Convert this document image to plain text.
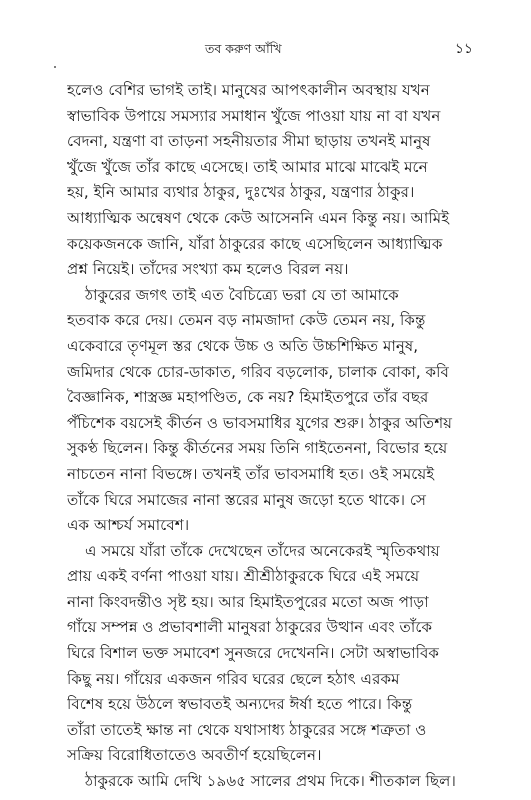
তব করুণ আঁখি	১১
হলেও বেশির ভাগই তাই। মানুষের আপৎকালীন অবস্থায় যখন
স্বাভাবিক উপায়ে সমস্যার সমাধান খুঁজে পাওয়া যায় না বা যখন
বেদনা, যন্ত্রণা বা তাড়না সহনীয়তার সীমা ছাড়ায় তখনই মানুষ
খুঁজে খুঁজে তাঁর কাছে এসেছে। তাই আমার মাঝে মাঝেই মনে
হয়, ইনি আমার ব্যথার ঠাকুর, দুঃখের ঠাকুর, যন্ত্রণার ঠাকুর।
আধ্যাত্মিক অন্বেষণ থেকে কেউ আসেননি এমন কিন্তু নয়। আমিই
কয়েকজনকে জানি, যাঁরা ঠাকুরের কাছে এসেছিলেন আধ্যাত্মিক
প্রশ্ন নিয়েই। তাঁদের সংখ্যা কম হলেও বিরল নয়।
ঠাকুরের জগৎ তাই এত বৈচিত্র্যে ভরা যে তা আমাকে
হতবাক করে দেয়। তেমন বড় নামজাদা কেউ তেমন নয়, কিন্তু
একেবারে তৃণমূল স্তর থেকে উচ্চ ও অতি উচ্চশিক্ষিত মানুষ,
জমিদার থেকে চোর-ডাকাত, গরিব বড়লোক, চালাক বোকা, কবি
বৈজ্ঞানিক, শাস্ত্রজ্ঞ মহাপণ্ডিত, কে নয়? হিমাইতপুরে তাঁর বছর
পঁচিশেক বয়সেই কীর্তন ও ভাবসমাধির যুগের শুরু। ঠাকুর অতিশয়
সুকণ্ঠ ছিলেন। কিন্তু কীর্তনের সময় তিনি গাইতেননা, বিভোর হয়ে
নাচতেন নানা বিভঙ্গে। তখনই তাঁর ভাবসমাধি হত। ওই সময়েই
তাঁকে ঘিরে সমাজের নানা স্তরের মানুষ জড়ো হতে থাকে। সে
এক আশ্চর্য সমাবেশ।
এ সময়ে যাঁরা তাঁকে দেখেছেন তাঁদের অনেকেরই স্মৃতিকথায়
প্রায় একই বর্ণনা পাওয়া যায়। শ্রীশ্রীঠাকুরকে ঘিরে এই সময়ে
নানা কিংবদন্তীও সৃষ্ট হয়। আর হিমাইতপুরের মতো অজ পাড়া
গাঁয়ে সম্পন্ন ও প্রভাবশালী মানুষরা ঠাকুরের উত্থান এবং তাঁকে
ঘিরে বিশাল ভক্ত সমাবেশ সুনজরে দেখেননি। সেটা অস্বাভাবিক
কিছু নয়। গাঁয়ের একজন গরিব ঘরের ছেলে হঠাৎ এরকম
বিশেষ হয়ে উঠলে স্বভাবতই অন্যদের ঈর্ষা হতে পারে। কিন্তু
তাঁরা তাতেই ক্ষান্ত না থেকে যথাসাধ্য ঠাকুরের সঙ্গে শত্রুতা ও
সক্রিয় বিরোধিতাতেও অবতীর্ণ হয়েছিলেন।
ঠাকুরকে আমি দেখি ১৯৬৫ সালের প্রথম দিকে। শীতকাল ছিল।
